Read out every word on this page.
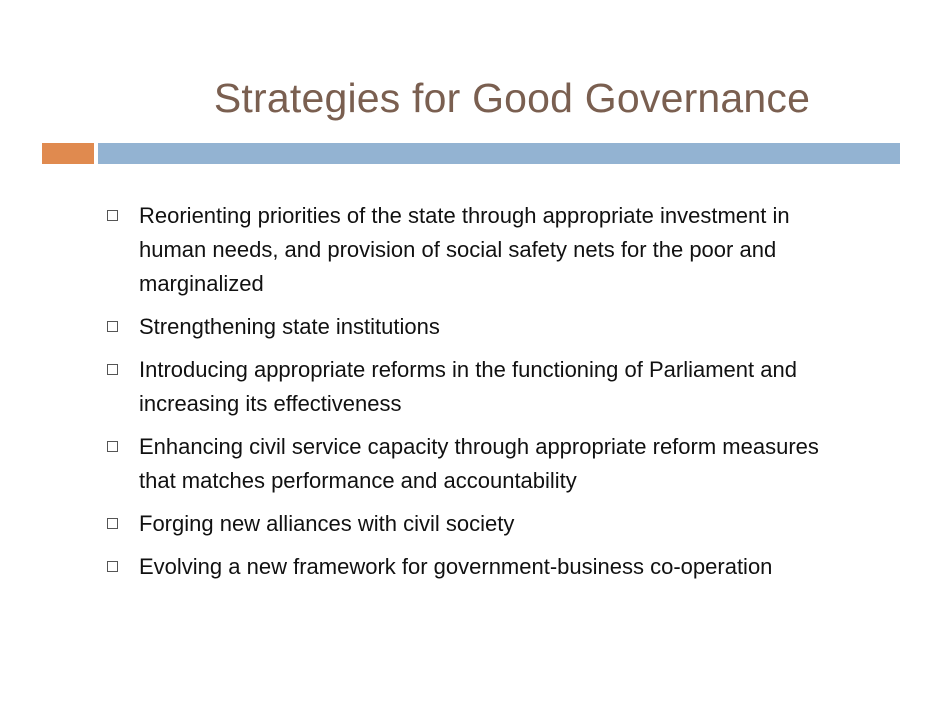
Strategies for Good Governance
Reorienting priorities of the state through appropriate investment in human needs, and provision of social safety nets for the poor and marginalized
Strengthening state institutions
Introducing appropriate reforms in the functioning of Parliament and increasing its effectiveness
Enhancing civil service capacity through appropriate reform measures that matches performance and accountability
Forging new alliances with civil society
Evolving a new framework for government-business co-operation
